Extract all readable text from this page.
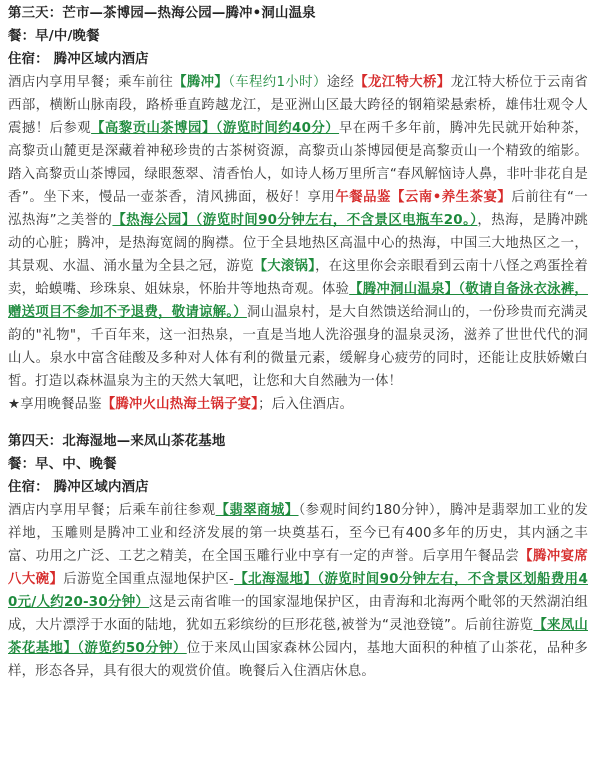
第三天：芒市—茶博园—热海公园—腾冲•洞山温泉
餐：早/中/晚餐
住宿： 腾冲区域内酒店
酒店内享用早餐；乘车前往【腾冲】（车程约1小时）途经【龙江特大桥】龙江特大桥位于云南省西部，横断山脉南段，路桥垂直跨越龙江，是亚洲山区最大跨径的钢箱梁悬索桥，雄伟壮观令人震撼！后参观【高黎贡山茶博园】（游览时间约40分）早在两千多年前，腾冲先民就开始种茶，高黎贡山麓更是深藏着神秘珍贵的古茶树资源，高黎贡山茶博园便是高黎贡山一个精致的缩影。踏入高黎贡山茶博园，绿眼葱翠、清香怡人，如诗人杨万里所言“春风解恼诗人鼻，非叶非花自是香”。坐下来，慢品一壶茶香，清风拂面，极好！享用午餐品鉴【云南•养生茶宴】后前往有“一泓热海”之美誉的【热海公园】（游览时间90分钟左右，不含景区电瓶车20。），热海，是腾冲跳动的心脏；腾冲，是热海宽阔的胸襟。位于全县地热区高温中心的热海，中国三大地热区之一，其景观、水温、涌水量为全县之冠，游览【大滚锅】，在这里你会亲眼看到云南十八怪之鸡蛋拴着卖，蛤蟆嘴、珍珠泉、姐妹泉，怀胎井等地热奇观。体验【腾冲洞山温泉】（敬请自备泳衣泳裤，赠送项目不参加不予退费，敬请谅解。）洞山温泉村，是大自然馈送给洞山的，一份珍贵而充满灵韵的"礼物"，千百年来，这一汩热泉，一直是当地人洗浴强身的温泉灵汤，滋养了世世代代的洞山人。泉水中富含硅酸及多种对人体有利的微量元素，缓解身心疲劳的同时，还能让皮肤娇嫩白皙。打造以森林温泉为主的天然大氧吧，让您和大自然融为一体！
★享用晚餐品鉴【腾冲火山热海土锅子宴】；后入住酒店。
第四天：北海湿地—来凤山茶花基地
餐：早、中、晚餐
住宿： 腾冲区域内酒店
酒店内享用早餐；后乘车前往参观【翡翠商城】（参观时间约180分钟），腾冲是翡翠加工业的发祥地，玉雕则是腾冲工业和经济发展的第一块奠基石，至今已有400多年的历史，其内涵之丰富、功用之广泛、工艺之精美，在全国玉雕行业中享有一定的声誉。后享用午餐品尝【腾冲宴席八大碗】后游览全国重点湿地保护区-【北海湿地】（游览时间90分钟左右，不含景区划船费用40元/人约20-30分钟）这是云南省唯一的国家湿地保护区，由青海和北海两个毗邻的天然湖泊组成，大片漂浮于水面的陆地，犹如五彩缤纷的巨形花毯,被誉为“灵池登镜”。后前往游览【来凤山茶花基地】（游览约50分钟）位于来凤山国家森林公园内，基地大面积的种植了山茶花，品种多样，形态各异，具有很大的观赏价值。晚餐后入住酒店休息。
